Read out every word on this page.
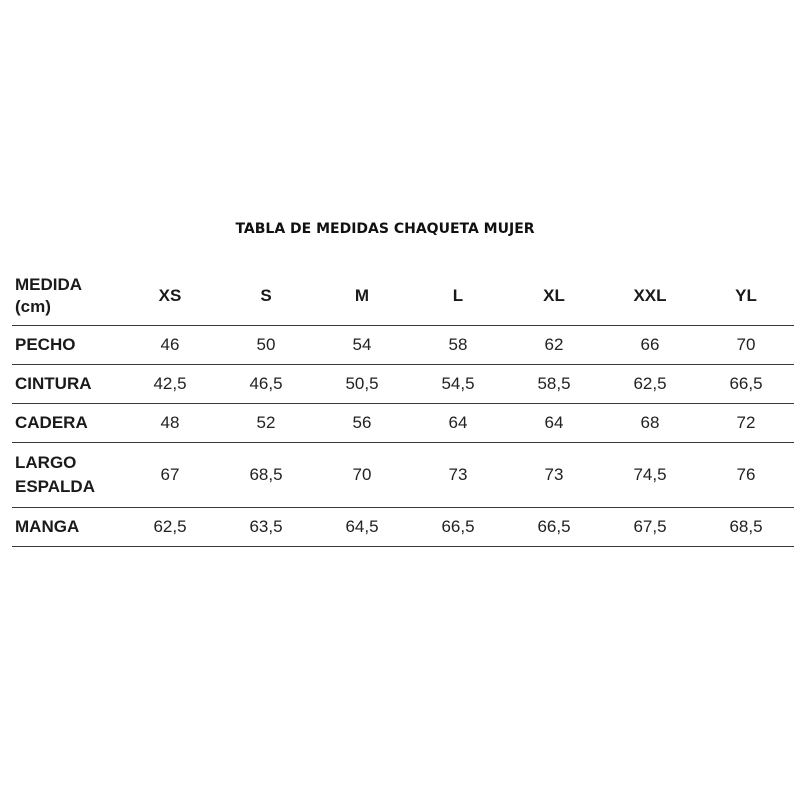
TABLA DE MEDIDAS CHAQUETA MUJER
MEDIDA
(cm)	XS	S	M	L	XL	XXL	YL
PECHO	46	50	54	58	62	66	70
CINTURA	42,5	46,5	50,5	54,5	58,5	62,5	66,5
CADERA	48	52	56	64	64	68	72
LARGO
ESPALDA	67	68,5	70	73	73	74,5	76
MANGA	62,5	63,5	64,5	66,5	66,5	67,5	68,5
